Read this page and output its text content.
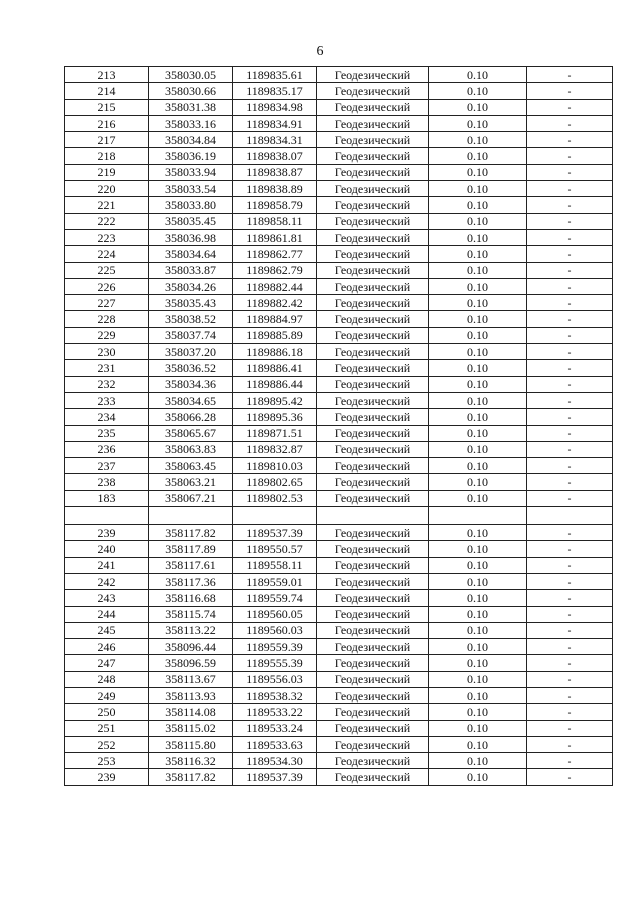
6
213	358030.05	1189835.61	Геодезический	0.10	-
214	358030.66	1189835.17	Геодезический	0.10	-
215	358031.38	1189834.98	Геодезический	0.10	-
216	358033.16	1189834.91	Геодезический	0.10	-
217	358034.84	1189834.31	Геодезический	0.10	-
218	358036.19	1189838.07	Геодезический	0.10	-
219	358033.94	1189838.87	Геодезический	0.10	-
220	358033.54	1189838.89	Геодезический	0.10	-
221	358033.80	1189858.79	Геодезический	0.10	-
222	358035.45	1189858.11	Геодезический	0.10	-
223	358036.98	1189861.81	Геодезический	0.10	-
224	358034.64	1189862.77	Геодезический	0.10	-
225	358033.87	1189862.79	Геодезический	0.10	-
226	358034.26	1189882.44	Геодезический	0.10	-
227	358035.43	1189882.42	Геодезический	0.10	-
228	358038.52	1189884.97	Геодезический	0.10	-
229	358037.74	1189885.89	Геодезический	0.10	-
230	358037.20	1189886.18	Геодезический	0.10	-
231	358036.52	1189886.41	Геодезический	0.10	-
232	358034.36	1189886.44	Геодезический	0.10	-
233	358034.65	1189895.42	Геодезический	0.10	-
234	358066.28	1189895.36	Геодезический	0.10	-
235	358065.67	1189871.51	Геодезический	0.10	-
236	358063.83	1189832.87	Геодезический	0.10	-
237	358063.45	1189810.03	Геодезический	0.10	-
238	358063.21	1189802.65	Геодезический	0.10	-
183	358067.21	1189802.53	Геодезический	0.10	-

239	358117.82	1189537.39	Геодезический	0.10	-
240	358117.89	1189550.57	Геодезический	0.10	-
241	358117.61	1189558.11	Геодезический	0.10	-
242	358117.36	1189559.01	Геодезический	0.10	-
243	358116.68	1189559.74	Геодезический	0.10	-
244	358115.74	1189560.05	Геодезический	0.10	-
245	358113.22	1189560.03	Геодезический	0.10	-
246	358096.44	1189559.39	Геодезический	0.10	-
247	358096.59	1189555.39	Геодезический	0.10	-
248	358113.67	1189556.03	Геодезический	0.10	-
249	358113.93	1189538.32	Геодезический	0.10	-
250	358114.08	1189533.22	Геодезический	0.10	-
251	358115.02	1189533.24	Геодезический	0.10	-
252	358115.80	1189533.63	Геодезический	0.10	-
253	358116.32	1189534.30	Геодезический	0.10	-
239	358117.82	1189537.39	Геодезический	0.10	-
